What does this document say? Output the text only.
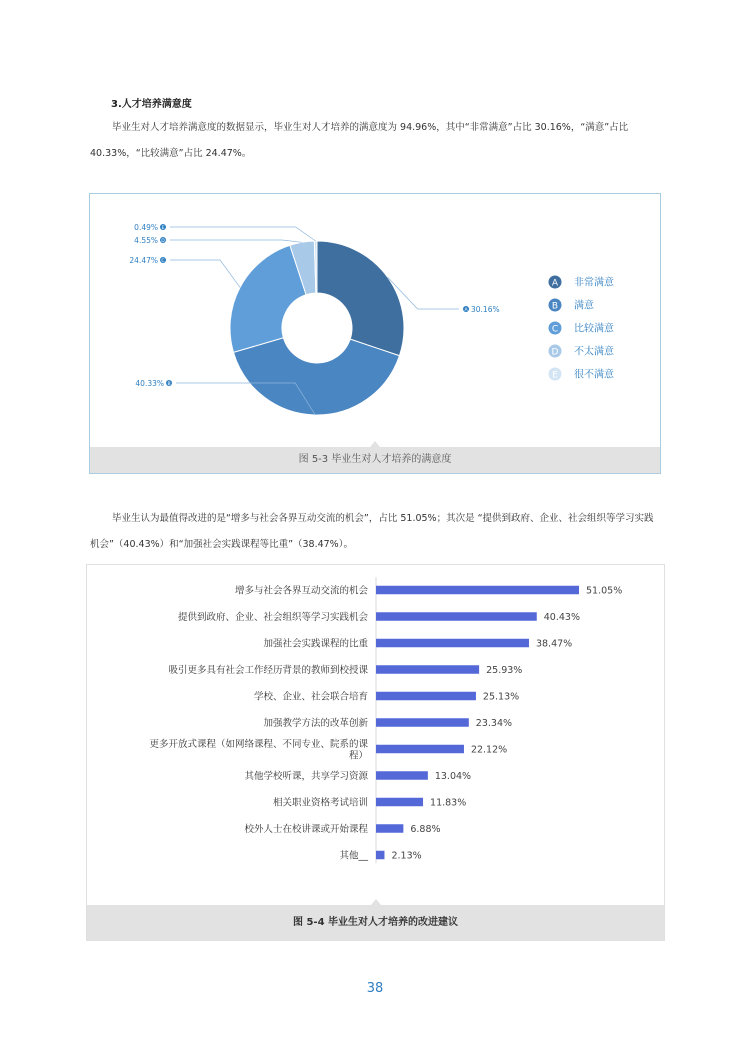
3.人才培养满意度
毕业生对人才培养满意度的数据显示，毕业生对人才培养的满意度为 94.96%，其中“非常满意”占比 30.16%，“满意”占比 40.33%，“比较满意”占比 24.47%。
A 30.16%
B
40.33%
C
24.47%
D
4.55%
E
0.49%
A 非常满意
B 满意
C 比较满意
D 不太满意
E 很不满意
图 5-3 毕业生对人才培养的满意度
毕业生认为最值得改进的是“增多与社会各界互动交流的机会”，占比 51.05%；其次是 “提供到政府、企业、社会组织等学习实践机会”（40.43%）和“加强社会实践课程等比重”（38.47%）。
51.05%
增多与社会各界互动交流的机会
40.43%
提供到政府、企业、社会组织等学习实践机会
38.47%
加强社会实践课程的比重
25.93%
吸引更多具有社会工作经历背景的教师到校授课
25.13%
学校、企业、社会联合培育
23.34%
加强教学方法的改革创新
22.12%
更多开放式课程（如网络课程、不同专业、院系的课
程）
13.04%
其他学校听课，共享学习资源
11.83%
相关职业资格考试培训
6.88%
校外人士在校讲课或开始课程
2.13%
其他__
图 5-4 毕业生对人才培养的改进建议
38
